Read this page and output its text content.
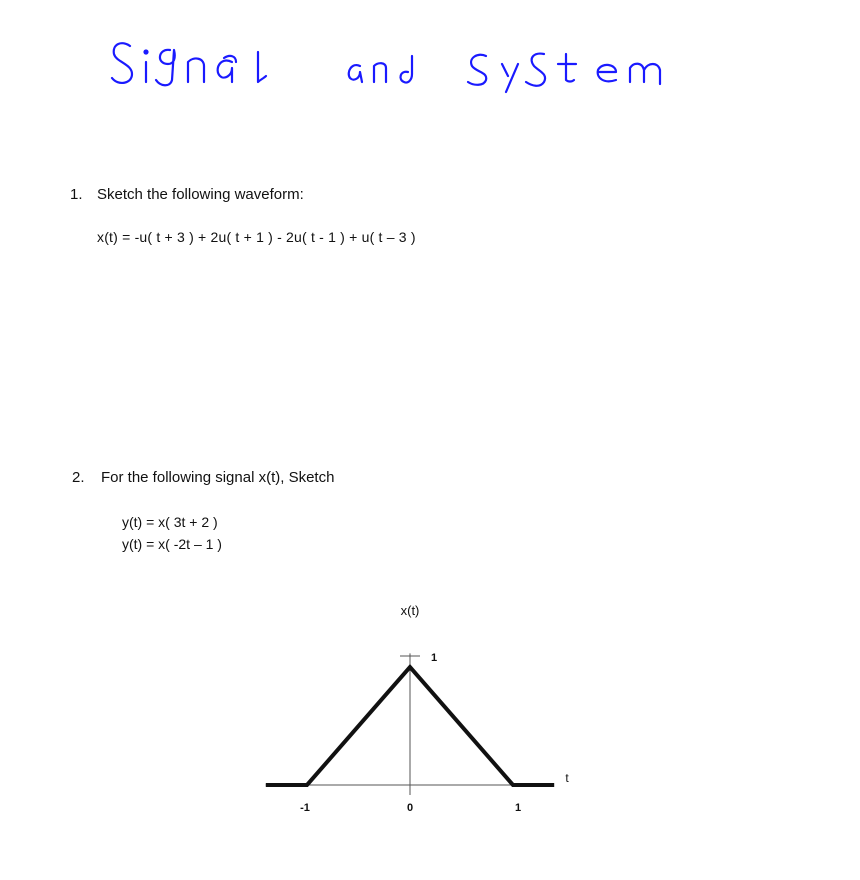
1. Sketch the following waveform:
x(t) = -u( t + 3 ) + 2u( t + 1 ) - 2u( t - 1 ) + u( t – 3 )
2. For the following signal x(t), Sketch
y(t) = x( 3t + 2 )
y(t) = x( -2t – 1 )
x(t)
t
1
-1	0	1
